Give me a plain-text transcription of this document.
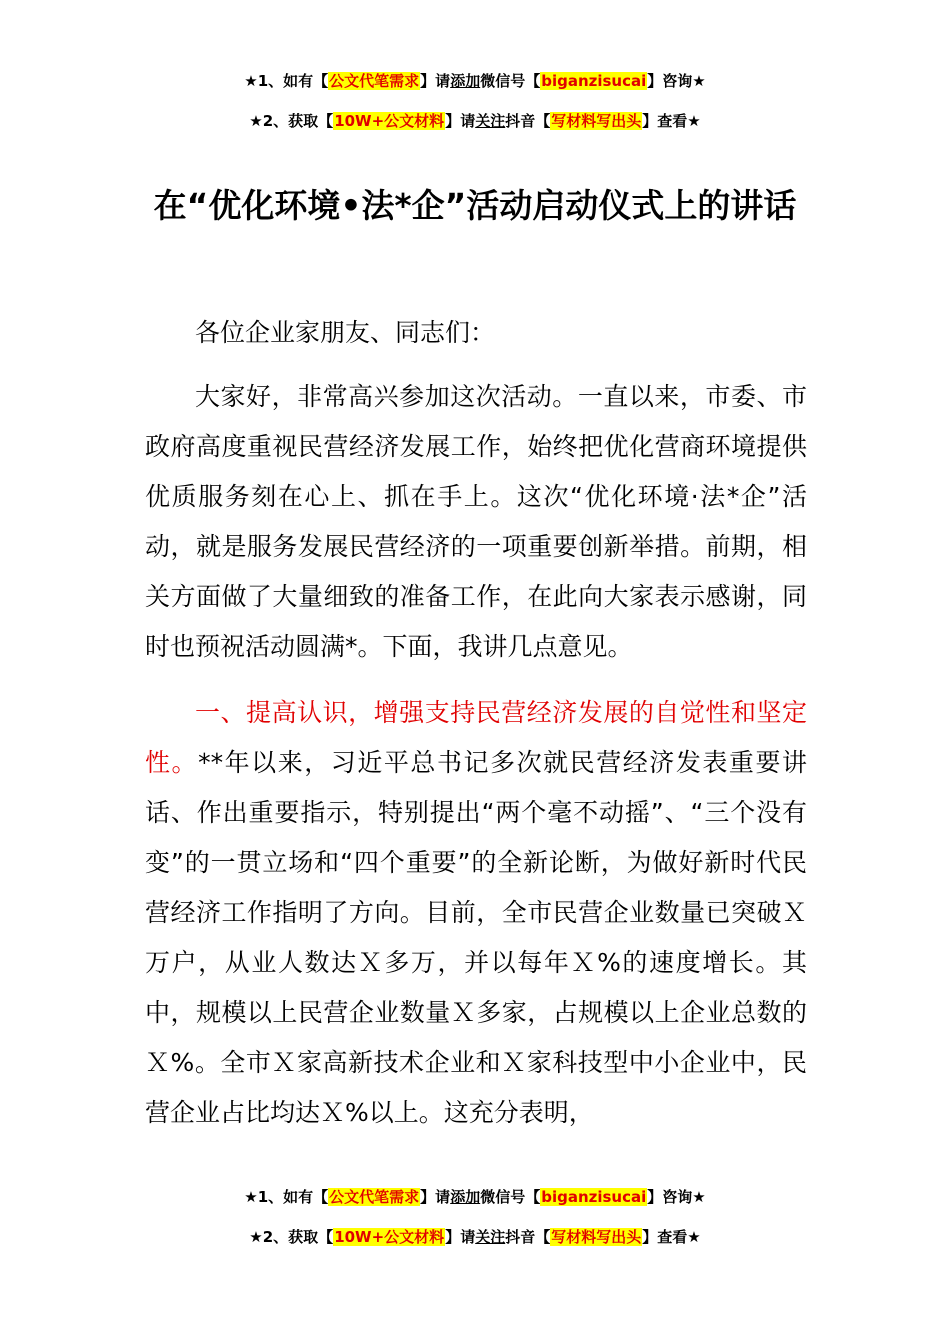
★1、如有【公文代笔需求】请添加微信号【biganzisucai】咨询★
★2、获取【10W+公文材料】请关注抖音【写材料写出头】查看★
在“优化环境•法*企”活动启动仪式上的讲话
各位企业家朋友、同志们：
大家好，非常高兴参加这次活动。一直以来，市委、市政府高度重视民营经济发展工作，始终把优化营商环境提供优质服务刻在心上、抓在手上。这次“优化环境·法*企”活动，就是服务发展民营经济的一项重要创新举措。前期，相关方面做了大量细致的准备工作，在此向大家表示感谢，同时也预祝活动圆满*。下面，我讲几点意见。
一、提高认识，增强支持民营经济发展的自觉性和坚定性。**年以来，习近平总书记多次就民营经济发表重要讲话、作出重要指示，特别提出“两个毫不动摇”、“三个没有变”的一贯立场和“四个重要”的全新论断，为做好新时代民营经济工作指明了方向。目前，全市民营企业数量已突破Ｘ万户，从业人数达Ｘ多万，并以每年Ｘ%的速度增长。其中，规模以上民营企业数量Ｘ多家，占规模以上企业总数的Ｘ%。全市Ｘ家高新技术企业和Ｘ家科技型中小企业中，民营企业占比均达Ｘ%以上。这充分表明，
★1、如有【公文代笔需求】请添加微信号【biganzisucai】咨询★
★2、获取【10W+公文材料】请关注抖音【写材料写出头】查看★
